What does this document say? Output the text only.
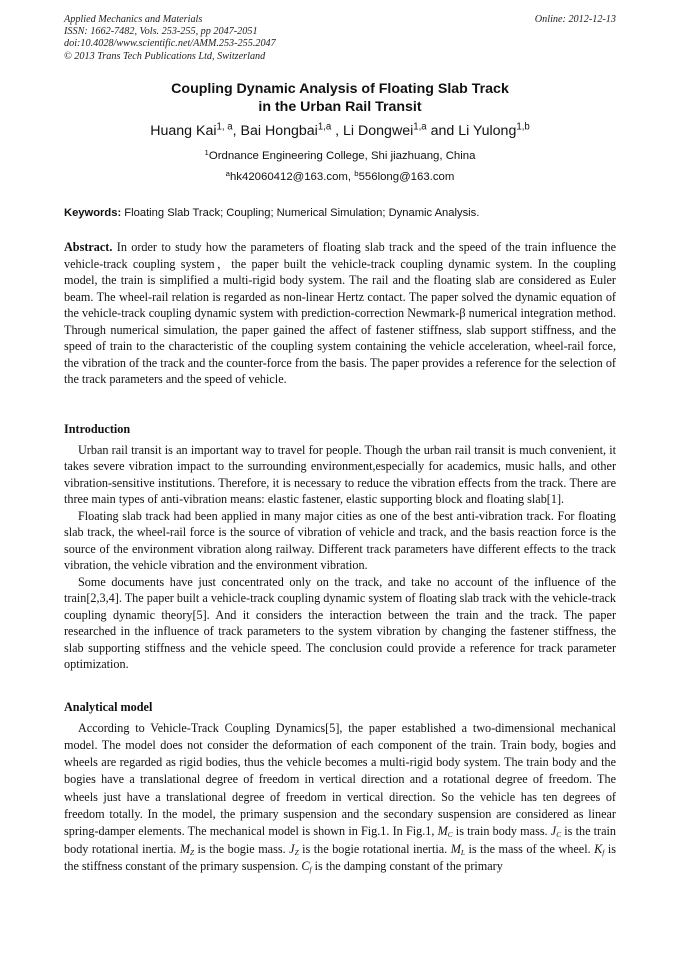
Applied Mechanics and Materials
ISSN: 1662-7482, Vols. 253-255, pp 2047-2051
doi:10.4028/www.scientific.net/AMM.253-255.2047
© 2013 Trans Tech Publications Ltd, Switzerland
Online: 2012-12-13
Coupling Dynamic Analysis of Floating Slab Track
in the Urban Rail Transit
Huang Kai$^{1, a}$, Bai Hongbai$^{1,a}$ , Li Dongwei$^{1,a}$ and Li Yulong$^{1,b}$
$^1$Ordnance Engineering College, Shi jiazhuang, China
$^a$hk42060412@163.com, $^b$556long@163.com
Keywords: Floating Slab Track; Coupling; Numerical Simulation; Dynamic Analysis.
Abstract. In order to study how the parameters of floating slab track and the speed of the train influence the vehicle-track coupling system，the paper built the vehicle-track coupling dynamic system. In the coupling model, the train is simplified a multi-rigid body system. The rail and the floating slab are considered as Euler beam. The wheel-rail relation is regarded as non-linear Hertz contact. The paper solved the dynamic equation of the vehicle-track coupling dynamic system with prediction-correction Newmark-β numerical integration method. Through numerical simulation, the paper gained the affect of fastener stiffness, slab support stiffness, and the speed of train to the characteristic of the coupling system containing the vehicle acceleration, wheel-rail force, the vibration of the track and the counter-force from the basis. The paper provides a reference for the selection of the track parameters and the speed of vehicle.
Introduction

Urban rail transit is an important way to travel for people. Though the urban rail transit is much convenient, it takes severe vibration impact to the surrounding environment,especially for academics, music halls, and other vibration-sensitive institutions. Therefore, it is necessary to reduce the vibration effects from the track. There are three main types of anti-vibration means: elastic fastener, elastic supporting block and floating slab[1].

Floating slab track had been applied in many major cities as one of the best anti-vibration track. For floating slab track, the wheel-rail force is the source of vibration of vehicle and track, and the basis reaction force is the source of the environment vibration along railway. Different track parameters have different effects to the track vibration, the vehicle vibration and the environment vibration.

Some documents have just concentrated only on the track, and take no account of the influence of the train[2,3,4]. The paper built a vehicle-track coupling dynamic system of floating slab track with the vehicle-track coupling dynamic theory[5]. And it considers the interaction between the train and the track. The paper researched in the influence of track parameters to the system vibration by changing the fastener stiffness, the slab supporting stiffness and the vehicle speed. The conclusion could provide a reference for track parameter optimization.

Analytical model

According to Vehicle-Track Coupling Dynamics[5], the paper established a two-dimensional mechanical model. The model does not consider the deformation of each component of the train. Train body, bogies and wheels are regarded as rigid bodies, thus the vehicle becomes a multi-rigid body system. The train body and the bogies have a translational degree of freedom in vertical direction and a rotational degree of freedom. The wheels just have a translational degree of freedom in vertical direction. So the vehicle has ten degrees of freedom totally. In the model, the primary suspension and the secondary suspension are considered as linear spring-damper elements. The mechanical model is shown in Fig.1. In Fig.1, $M_C$ is train body mass. $J_C$ is the train body rotational inertia. $M_Z$ is the bogie mass. $J_Z$ is the bogie rotational inertia. $M_L$ is the mass of the wheel. $K_f$ is the stiffness constant of the primary suspension. $C_f$ is the damping constant of the primary
